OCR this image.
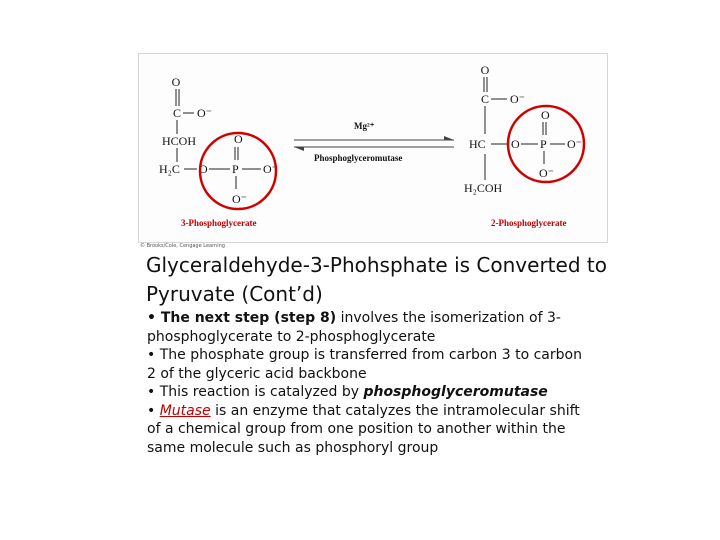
O
C O⁻
HCOH
H₂C O P O⁻
O
O⁻
3-Phosphoglycerate
Mg²⁺
Phosphoglyceromutase
O
C O⁻
HC O P O⁻
O
O⁻
H₂COH
2-Phosphoglycerate
© Brooks/Cole, Cengage Learning
Glyceraldehyde-3-Phohsphate is Converted to Pyruvate (Cont’d)

• The next step (step 8) involves the isomerization of 3-phosphoglycerate to 2-phosphoglycerate

• The phosphate group is transferred from carbon 3 to carbon 2 of the glyceric acid backbone

• This reaction is catalyzed by phosphoglyceromutase

• Mutase is an enzyme that catalyzes the intramolecular shift of a chemical group from one position to another within the same molecule such as phosphoryl group
